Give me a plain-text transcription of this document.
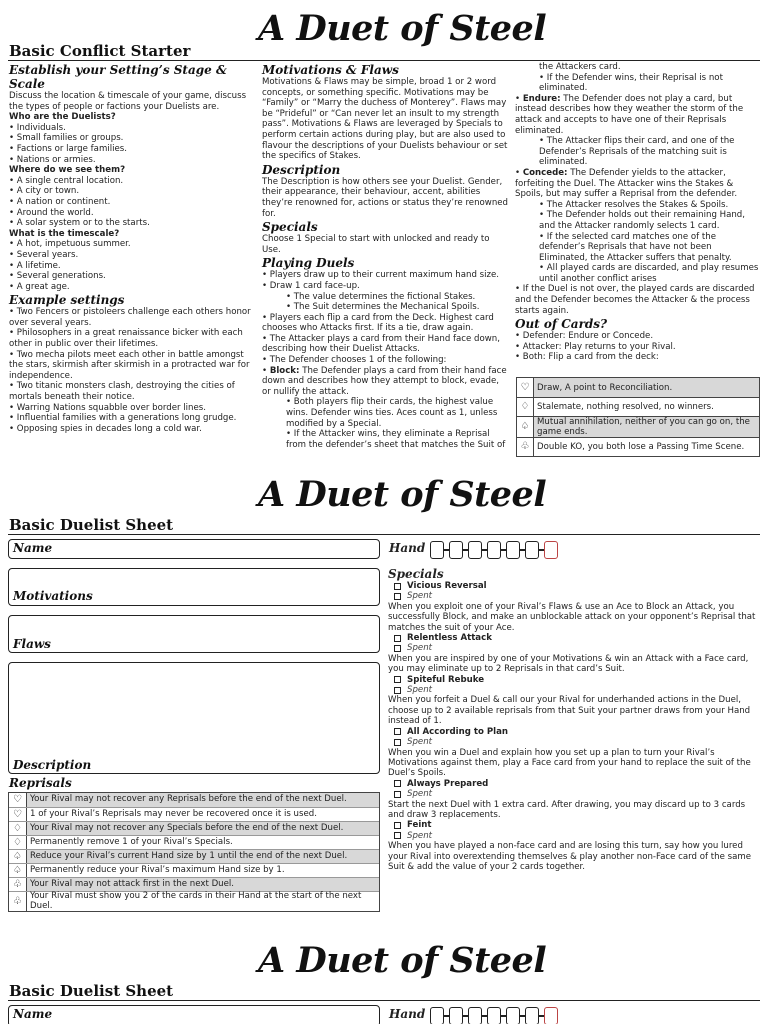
A Duet of Steel
Basic Conflict Starter
Establish your Setting’s Stage & Scale

Discuss the location & timescale of your game, discuss the types of people or factions your Duelists are.

Who are the Duelists?

• Individuals.

• Small families or groups.

• Factions or large families.

• Nations or armies.

Where do we see them?

• A single central location.

• A city or town.

• A nation or continent.

• Around the world.

• A solar system or to the starts.

What is the timescale?

• A hot, impetuous summer.

• Several years.

• A lifetime.

• Several generations.

• A great age.

Example settings

• Two Fencers or pistoleers challenge each others honor over several years.

• Philosophers in a great renaissance bicker with each other in public over their lifetimes.

• Two mecha pilots meet each other in battle amongst the stars, skirmish after skirmish in a protracted war for independence.

• Two titanic monsters clash, destroying the cities of mortals beneath their notice.

• Warring Nations squabble over border lines.

• Influential families with a generations long grudge.

• Opposing spies in decades long a cold war.

Motivations & Flaws

Motivations & Flaws may be simple, broad 1 or 2 word concepts, or something specific. Motivations may be “Family” or “Marry the duchess of Monterey”. Flaws may be “Prideful” or “Can never let an insult to my strength pass”. Motivations & Flaws are leveraged by Specials to perform certain actions during play, but are also used to flavour the descriptions of your Duelists behaviour or set the specifics of Stakes.

Description

The Description is how others see your Duelist. Gender, their appearance, their behaviour, accent, abilities they’re renowned for, actions or status they’re renowned for.

Specials

Choose 1 Special to start with unlocked and ready to Use.

Playing Duels

• Players draw up to their current maximum hand size.

• Draw 1 card face-up.

• The value determines the fictional Stakes.

• The Suit determines the Mechanical Spoils.

• Players each flip a card from the Deck. Highest card chooses who Attacks first. If its a tie, draw again.

• The Attacker plays a card from their Hand face down, describing how their Duelist Attacks.

• The Defender chooses 1 of the following:

• Block: The Defender plays a card from their hand face down and describes how they attempt to block, evade, or nullify the attack.

• Both players flip their cards, the highest value wins. Defender wins ties. Aces count as 1, unless modified by a Special.

• If the Attacker wins, they eliminate a Reprisal from the defender’s sheet that matches the Suit of

the Attackers card.

• If the Defender wins, their Reprisal is not eliminated.

• Endure: The Defender does not play a card, but instead describes how they weather the storm of the attack and accepts to have one of their Reprisals eliminated.

• The Attacker flips their card, and one of the Defender’s Reprisals of the matching suit is eliminated.

• Concede: The Defender yields to the attacker, forfeiting the Duel. The Attacker wins the Stakes & Spoils, but may suffer a Reprisal from the defender.

• The Attacker resolves the Stakes & Spoils.

• The Defender holds out their remaining Hand, and the Attacker randomly selects 1 card.

• If the selected card matches one of the defender’s Reprisals that have not been Eliminated, the Attacker suffers that penalty.

• All played cards are discarded, and play resumes until another conflict arises

• If the Duel is not over, the played cards are discarded and the Defender becomes the Attacker & the process starts again.

Out of Cards?

• Defender: Endure or Concede.

• Attacker: Play returns to your Rival.

• Both: Flip a card from the deck:

♡ Draw, A point to Reconciliation.
♢ Stalemate, nothing resolved, no winners.
♤ Mutual annihilation, neither of you can go on, the game ends.
♧ Double KO, you both lose a Passing Time Scene.
A Duet of Steel
Basic Duelist Sheet
Name
Motivations
Flaws
Description
Reprisals
♡ Your Rival may not recover any Reprisals before the end of the next Duel.
♡ 1 of your Rival’s Reprisals may never be recovered once it is used.
♢ Your Rival may not recover any Specials before the end of the next Duel.
♢ Permanently remove 1 of your Rival’s Specials.
♤ Reduce your Rival’s current Hand size by 1 until the end of the next Duel.
♤ Permanently reduce your Rival’s maximum Hand size by 1.
♧ Your Rival may not attack first in the next Duel.
♧ Your Rival must show you 2 of the cards in their Hand at the start of the next Duel.
Hand
Specials
Vicious Reversal
Spent

When you exploit one of your Rival’s Flaws & use an Ace to Block an Attack, you successfully Block, and make an unblockable attack on your opponent’s Reprisal that matches the suit of your Ace.

Relentless Attack
Spent

When you are inspired by one of your Motivations & win an Attack with a Face card, you may eliminate up to 2 Reprisals in that card’s Suit.

Spiteful Rebuke
Spent

When you forfeit a Duel & call our your Rival for underhanded actions in the Duel, choose up to 2 available reprisals from that Suit your partner draws from your Hand instead of 1.

All According to Plan
Spent

When you win a Duel and explain how you set up a plan to turn your Rival’s Motivations against them, play a Face card from your hand to replace the suit of the Duel’s Spoils.

Always Prepared
Spent

Start the next Duel with 1 extra card. After drawing, you may discard up to 3 cards and draw 3 replacements.

Feint
Spent

When you have played a non-face card and are losing this turn, say how you lured your Rival into overextending themselves & play another non-Face card of the same Suit & add the value of your 2 cards together.

A Duet of Steel
Basic Duelist Sheet
Name	Hand
